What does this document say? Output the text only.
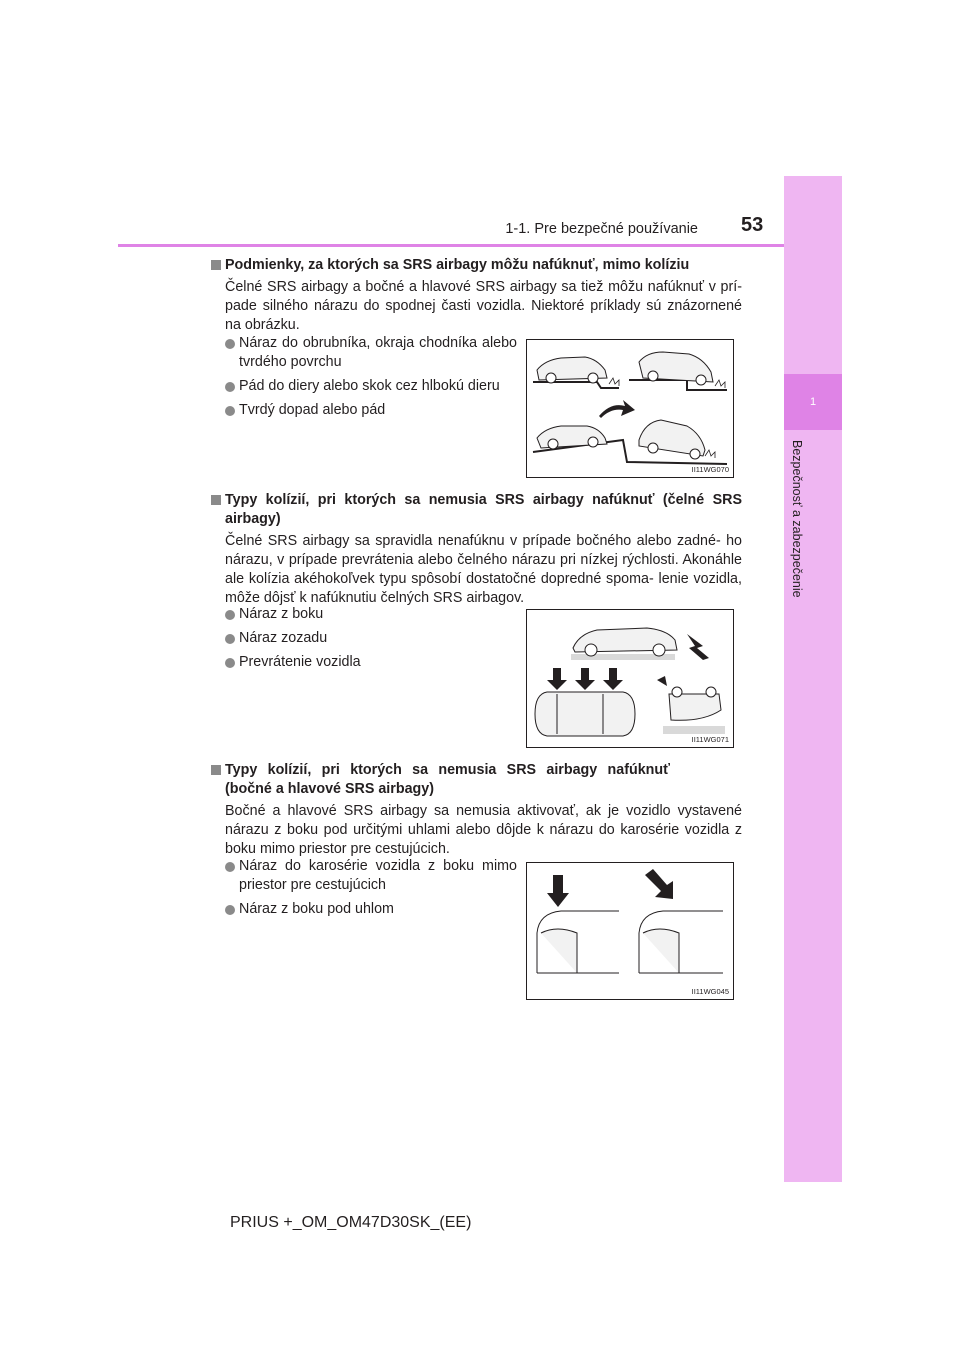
1
Bezpečnosť a zabezpečenie
1-1. Pre bezpečné používanie 53
Podmienky, za ktorých sa SRS airbagy môžu nafúknuť, mimo kolíziu
Čelné SRS airbagy a bočné a hlavové SRS airbagy sa tiež môžu nafúknuť v prí- pade silného nárazu do spodnej časti vozidla. Niektoré príklady sú znázornené na obrázku.
Náraz do obrubníka, okraja chodníka alebo tvrdého povrchu
Pád do diery alebo skok cez hlbokú dieru
Tvrdý dopad alebo pád
II11WG070
Typy kolízií, pri ktorých sa nemusia SRS airbagy nafúknuť (čelné SRS airbagy)
Čelné SRS airbagy sa spravidla nenafúknu v prípade bočného alebo zadné- ho nárazu, v prípade prevrátenia alebo čelného nárazu pri nízkej rýchlosti. Akonáhle ale kolízia akéhokoľvek typu spôsobí dostatočné dopredné spoma- lenie vozidla, môže dôjsť k nafúknutiu čelných SRS airbagov.
Náraz z boku
Náraz zozadu
Prevrátenie vozidla
II11WG071
Typy kolízií, pri ktorých sa nemusia SRS airbagy nafúknuť (bočné a hlavové SRS airbagy)
Bočné a hlavové SRS airbagy sa nemusia aktivovať, ak je vozidlo vystavené nárazu z boku pod určitými uhlami alebo dôjde k nárazu do karosérie vozidla z boku mimo priestor pre cestujúcich.
Náraz do karosérie vozidla z boku mimo priestor pre cestujúcich
Náraz z boku pod uhlom
II11WG045
PRIUS +_OM_OM47D30SK_(EE)
